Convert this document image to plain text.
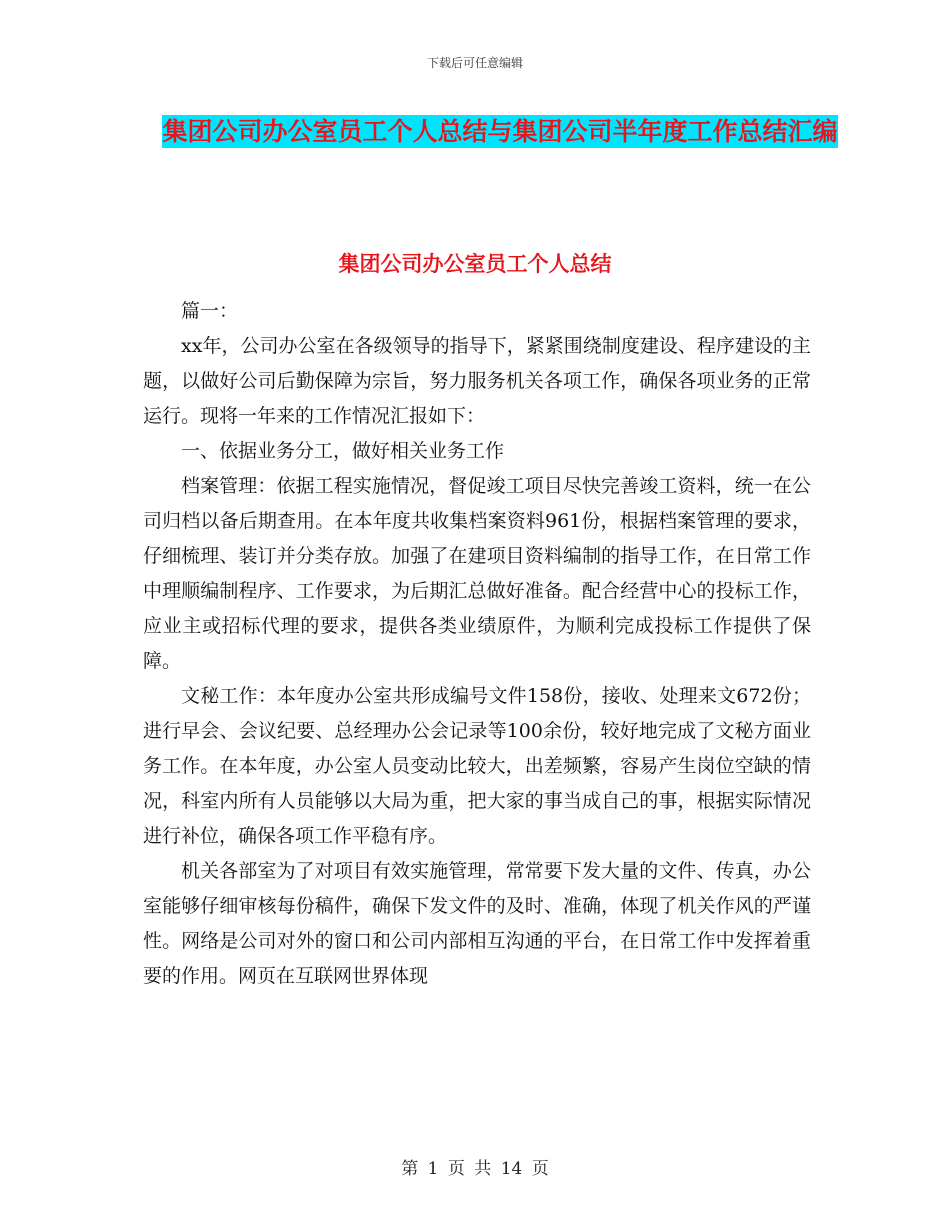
下载后可任意编辑
集团公司办公室员工个人总结与集团公司半年度工作总结汇编
集团公司办公室员工个人总结

篇一：

xx年，公司办公室在各级领导的指导下，紧紧围绕制度建设、程序建设的主题，以做好公司后勤保障为宗旨，努力服务机关各项工作，确保各项业务的正常运行。现将一年来的工作情况汇报如下：

一、依据业务分工，做好相关业务工作

档案管理：依据工程实施情况，督促竣工项目尽快完善竣工资料，统一在公司归档以备后期查用。在本年度共收集档案资料961份，根据档案管理的要求，仔细梳理、装订并分类存放。加强了在建项目资料编制的指导工作，在日常工作中理顺编制程序、工作要求，为后期汇总做好准备。配合经营中心的投标工作，应业主或招标代理的要求，提供各类业绩原件，为顺利完成投标工作提供了保障。

文秘工作：本年度办公室共形成编号文件158份，接收、处理来文672份；进行早会、会议纪要、总经理办公会记录等100余份，较好地完成了文秘方面业务工作。在本年度，办公室人员变动比较大，出差频繁，容易产生岗位空缺的情况，科室内所有人员能够以大局为重，把大家的事当成自己的事，根据实际情况进行补位，确保各项工作平稳有序。

机关各部室为了对项目有效实施管理，常常要下发大量的文件、传真，办公室能够仔细审核每份稿件，确保下发文件的及时、准确，体现了机关作风的严谨性。网络是公司对外的窗口和公司内部相互沟通的平台，在日常工作中发挥着重要的作用。网页在互联网世界体现

第 1 页 共 14 页
